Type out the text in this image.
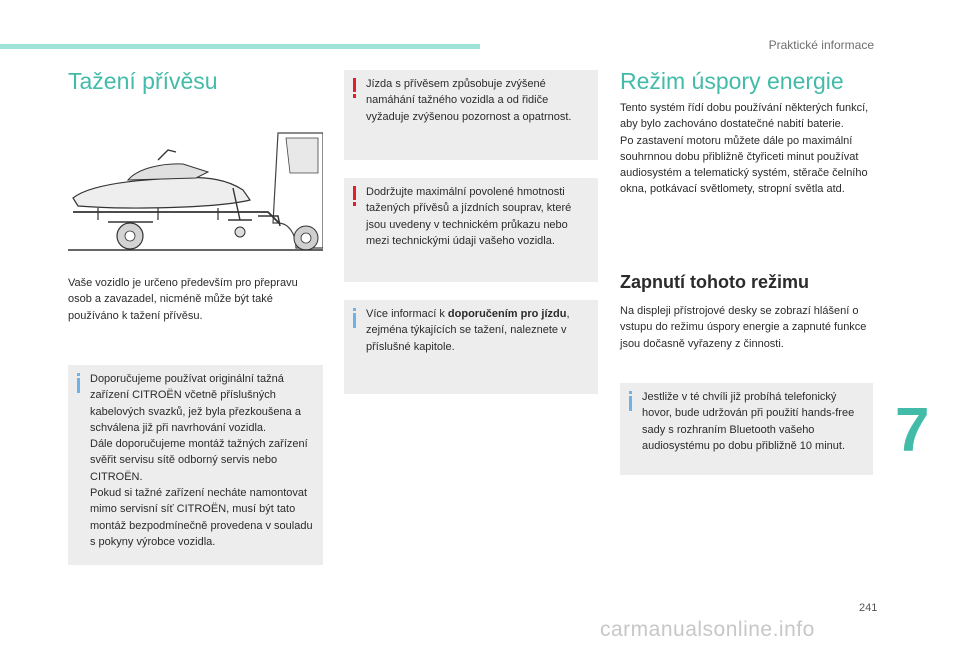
Praktické informace
Tažení přívěsu
Vaše vozidlo je určeno především pro přepravu osob a zavazadel, nicméně může být také používáno k tažení přívěsu.
Doporučujeme používat originální tažná zařízení CITROËN včetně příslušných kabelových svazků, jež byla přezkoušena a schválena již při navrhování vozidla.
Dále doporučujeme montáž tažných zařízení svěřit servisu sítě odborný servis nebo CITROËN.
Pokud si tažné zařízení necháte namontovat mimo servisní síť CITROËN, musí být tato montáž bezpodmínečně provedena v souladu s pokyny výrobce vozidla.
Jízda s přívěsem způsobuje zvýšené namáhání tažného vozidla a od řidiče vyžaduje zvýšenou pozornost a opatrnost.
Dodržujte maximální povolené hmotnosti tažených přívěsů a jízdních souprav, které jsou uvedeny v technickém průkazu nebo mezi technickými údaji vašeho vozidla.
Více informací k doporučením pro jízdu, zejména týkajících se tažení, naleznete v příslušné kapitole.
Režim úspory energie
Tento systém řídí dobu používání některých funkcí, aby bylo zachováno dostatečné nabití baterie.
Po zastavení motoru můžete dále po maximální souhrnnou dobu přibližně čtyřiceti minut používat audiosystém a telematický systém, stěrače čelního okna, potkávací světlomety, stropní světla atd.
Zapnutí tohoto režimu
Na displeji přístrojové desky se zobrazí hlášení o vstupu do režimu úspory energie a zapnuté funkce jsou dočasně vyřazeny z činnosti.
Jestliže v té chvíli již probíhá telefonický hovor, bude udržován při použití hands-free sady s rozhraním Bluetooth vašeho audiosystému po dobu přibližně 10 minut. 7
241
carmanualsonline.info
